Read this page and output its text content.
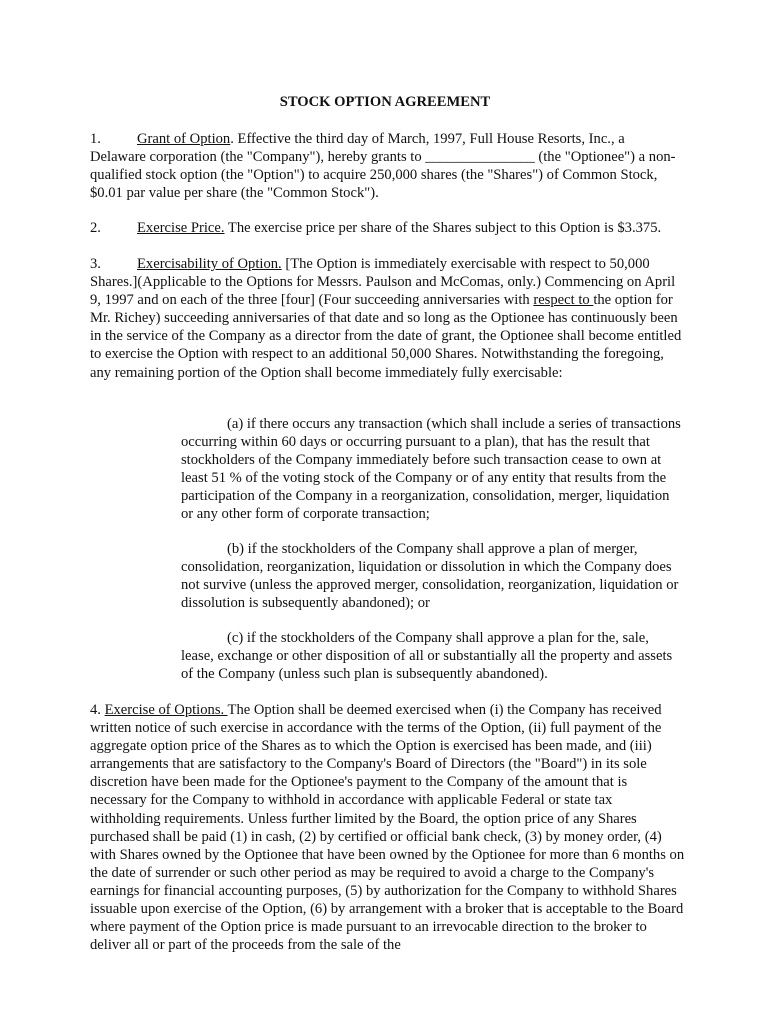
STOCK OPTION AGREEMENT

1. Grant of Option. Effective the third day of March, 1997, Full House Resorts, Inc., a Delaware corporation (the "Company"), hereby grants to _______________ (the "Optionee") a non-qualified stock option (the "Option") to acquire 250,000 shares (the "Shares") of Common Stock, $0.01 par value per share (the "Common Stock").

2. Exercise Price. The exercise price per share of the Shares subject to this Option is $3.375.

3. Exercisability of Option. [The Option is immediately exercisable with respect to 50,000 Shares.](Applicable to the Options for Messrs. Paulson and McComas, only.) Commencing on April 9, 1997 and on each of the three [four] (Four succeeding anniversaries with respect to the option for Mr. Richey) succeeding anniversaries of that date and so long as the Optionee has continuously been in the service of the Company as a director from the date of grant, the Optionee shall become entitled to exercise the Option with respect to an additional 50,000 Shares. Notwithstanding the foregoing, any remaining portion of the Option shall become immediately fully exercisable:

(a) if there occurs any transaction (which shall include a series of transactions occurring within 60 days or occurring pursuant to a plan), that has the result that stockholders of the Company immediately before such transaction cease to own at least 51 % of the voting stock of the Company or of any entity that results from the participation of the Company in a reorganization, consolidation, merger, liquidation or any other form of corporate transaction;

(b) if the stockholders of the Company shall approve a plan of merger, consolidation, reorganization, liquidation or dissolution in which the Company does not survive (unless the approved merger, consolidation, reorganization, liquidation or dissolution is subsequently abandoned); or

(c) if the stockholders of the Company shall approve a plan for the, sale, lease, exchange or other disposition of all or substantially all the property and assets of the Company (unless such plan is subsequently abandoned).

4. Exercise of Options. The Option shall be deemed exercised when (i) the Company has received written notice of such exercise in accordance with the terms of the Option, (ii) full payment of the aggregate option price of the Shares as to which the Option is exercised has been made, and (iii) arrangements that are satisfactory to the Company's Board of Directors (the "Board") in its sole discretion have been made for the Optionee's payment to the Company of the amount that is necessary for the Company to withhold in accordance with applicable Federal or state tax withholding requirements. Unless further limited by the Board, the option price of any Shares purchased shall be paid (1) in cash, (2) by certified or official bank check, (3) by money order, (4) with Shares owned by the Optionee that have been owned by the Optionee for more than 6 months on the date of surrender or such other period as may be required to avoid a charge to the Company's earnings for financial accounting purposes, (5) by authorization for the Company to withhold Shares issuable upon exercise of the Option, (6) by arrangement with a broker that is acceptable to the Board where payment of the Option price is made pursuant to an irrevocable direction to the broker to deliver all or part of the proceeds from the sale of the
